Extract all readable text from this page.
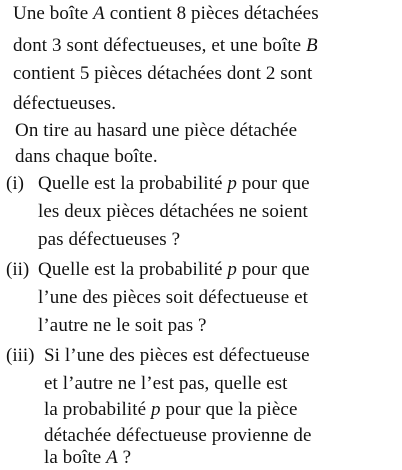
Une boîte A contient 8 pièces détachées
dont 3 sont défectueuses, et une boîte B
contient 5 pièces détachées dont 2 sont
défectueuses.
On tire au hasard une pièce détachée
dans chaque boîte.
(i) Quelle est la probabilité p pour que
les deux pièces détachées ne soient
pas défectueuses ?
(ii) Quelle est la probabilité p pour que
l’une des pièces soit défectueuse et
l’autre ne le soit pas ?
(iii) Si l’une des pièces est défectueuse
et l’autre ne l’est pas, quelle est
la probabilité p pour que la pièce
détachée défectueuse provienne de
la boîte A ?
